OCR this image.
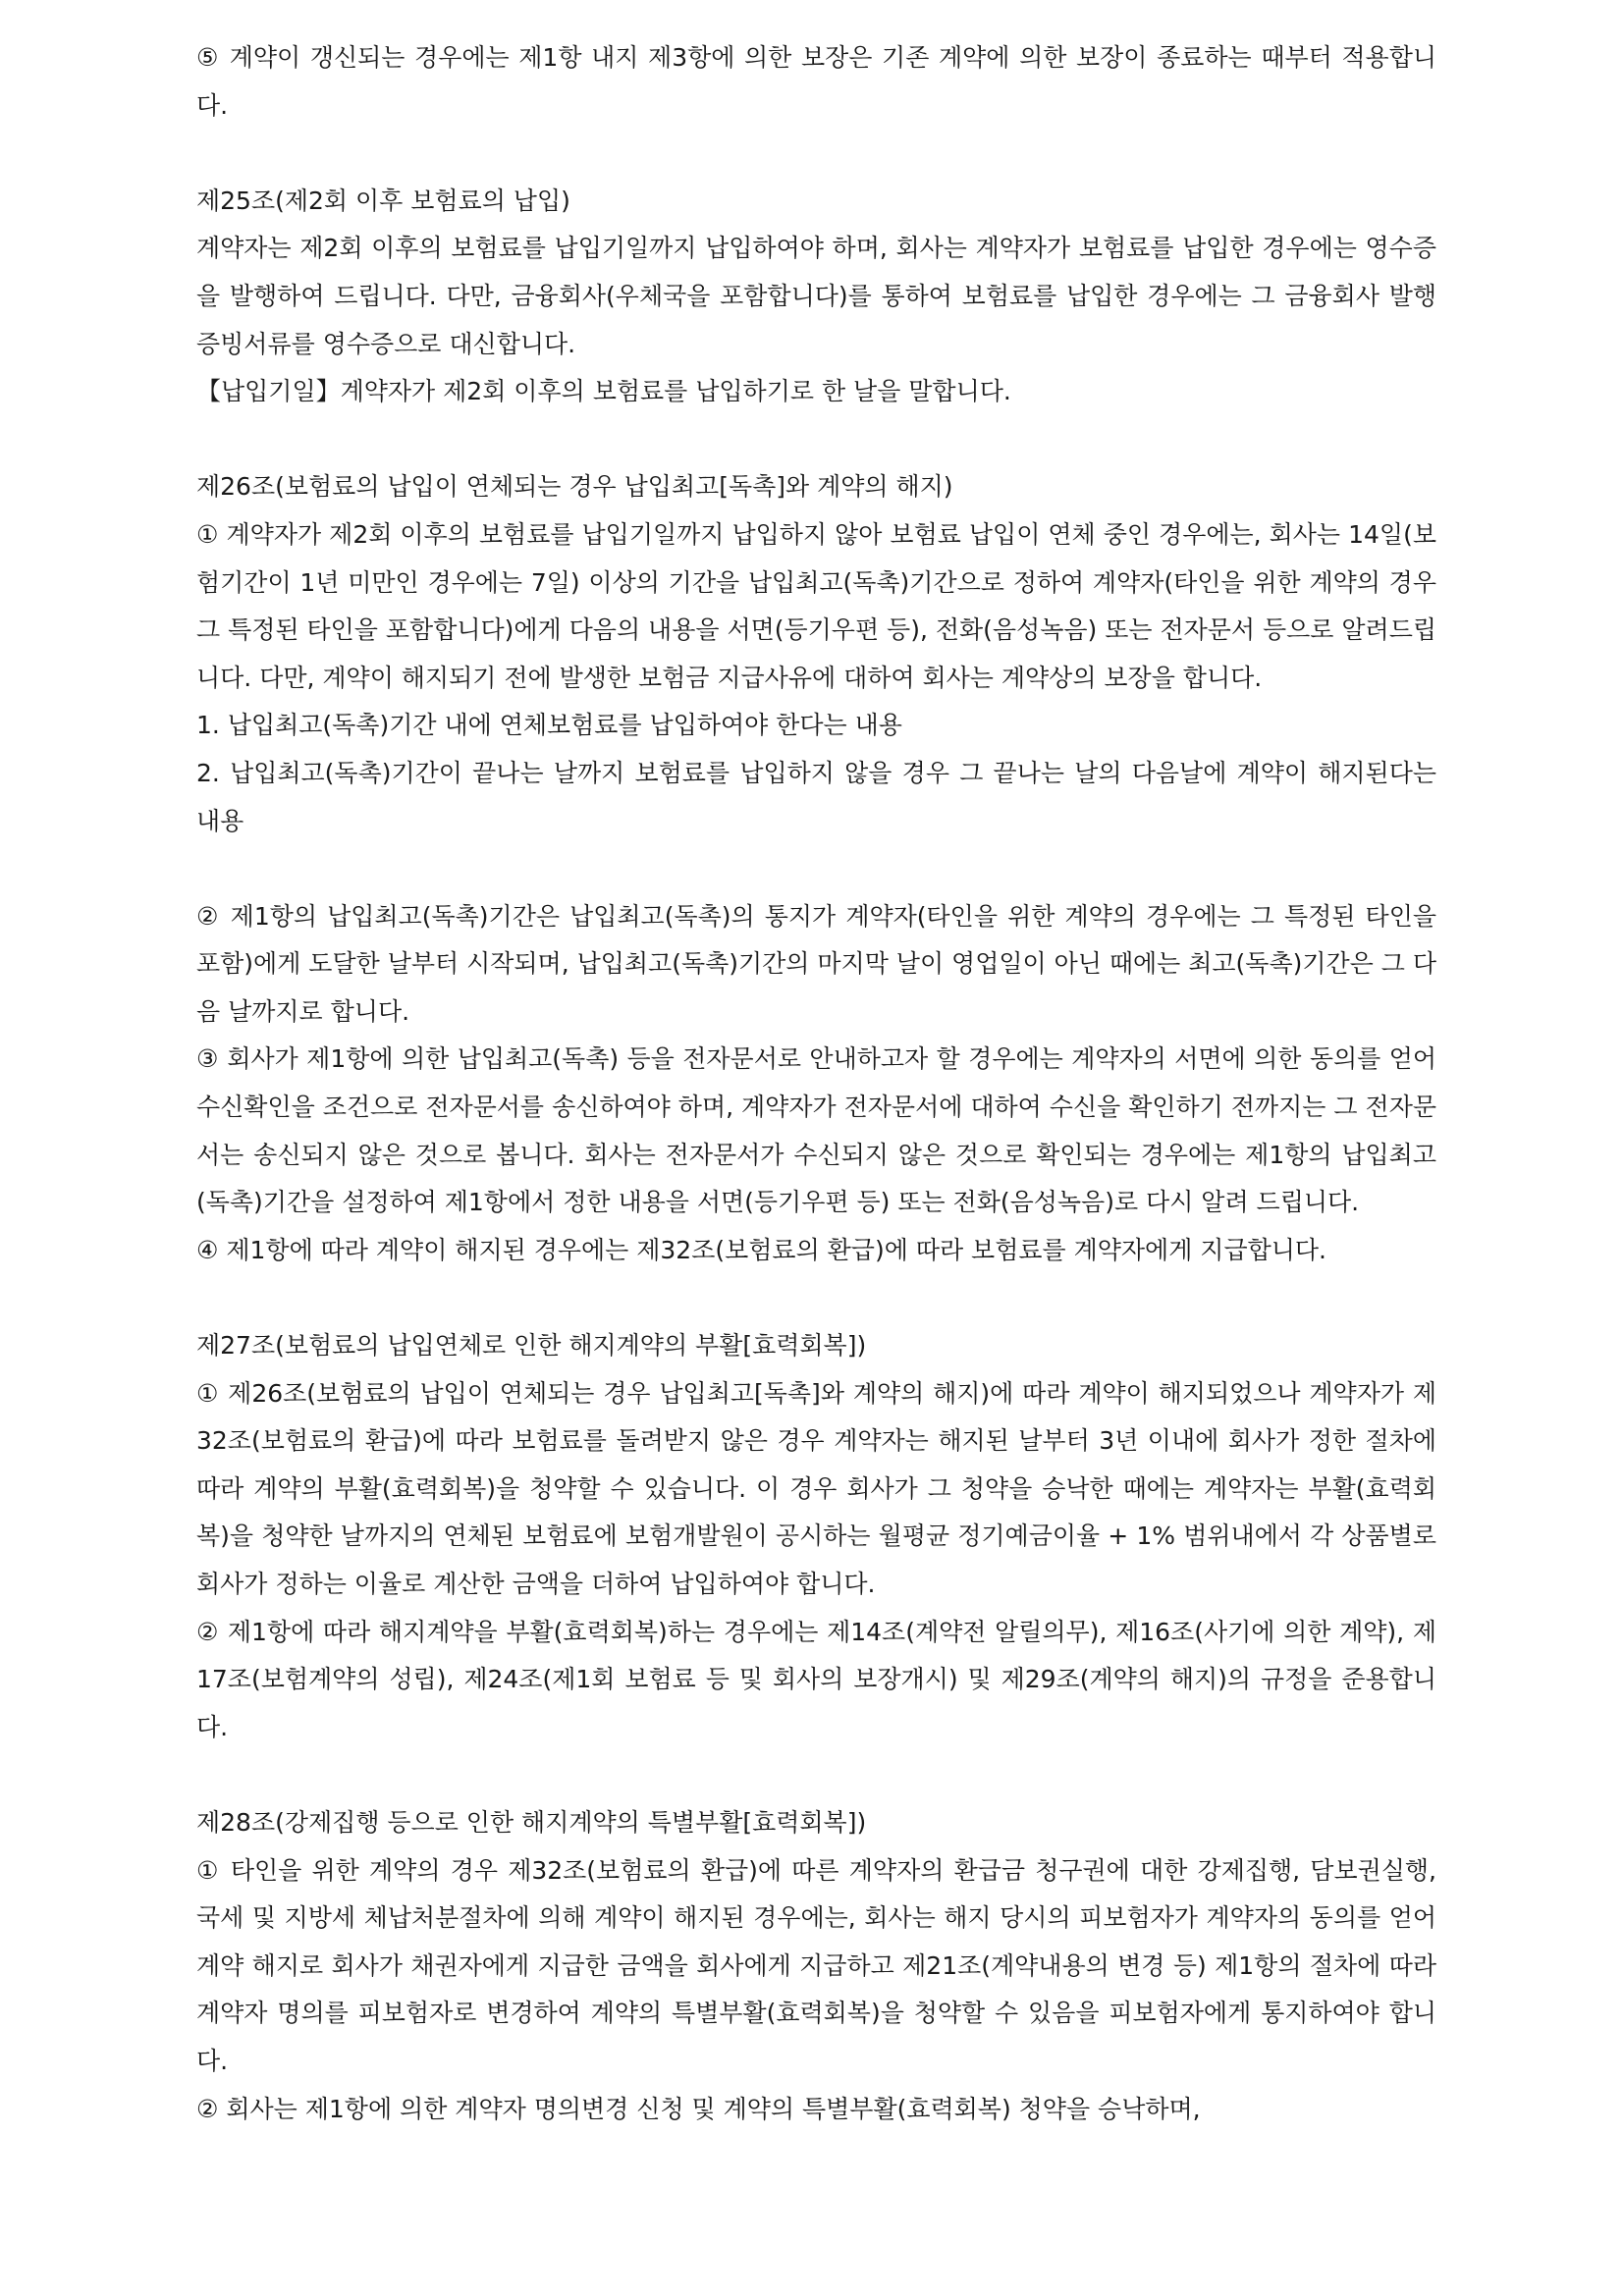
⑤ 계약이 갱신되는 경우에는 제1항 내지 제3항에 의한 보장은 기존 계약에 의한 보장이 종료하는 때부터 적용합니다.

제25조(제2회 이후 보험료의 납입)

계약자는 제2회 이후의 보험료를 납입기일까지 납입하여야 하며, 회사는 계약자가 보험료를 납입한 경우에는 영수증을 발행하여 드립니다. 다만, 금융회사(우체국을 포함합니다)를 통하여 보험료를 납입한 경우에는 그 금융회사 발행 증빙서류를 영수증으로 대신합니다.

【납입기일】계약자가 제2회 이후의 보험료를 납입하기로 한 날을 말합니다.

제26조(보험료의 납입이 연체되는 경우 납입최고[독촉]와 계약의 해지)

① 계약자가 제2회 이후의 보험료를 납입기일까지 납입하지 않아 보험료 납입이 연체 중인 경우에는, 회사는 14일(보험기간이 1년 미만인 경우에는 7일) 이상의 기간을 납입최고(독촉)기간으로 정하여 계약자(타인을 위한 계약의 경우 그 특정된 타인을 포함합니다)에게 다음의 내용을 서면(등기우편 등), 전화(음성녹음) 또는 전자문서 등으로 알려드립니다. 다만, 계약이 해지되기 전에 발생한 보험금 지급사유에 대하여 회사는 계약상의 보장을 합니다.

1. 납입최고(독촉)기간 내에 연체보험료를 납입하여야 한다는 내용

2. 납입최고(독촉)기간이 끝나는 날까지 보험료를 납입하지 않을 경우 그 끝나는 날의 다음날에 계약이 해지된다는 내용

② 제1항의 납입최고(독촉)기간은 납입최고(독촉)의 통지가 계약자(타인을 위한 계약의 경우에는 그 특정된 타인을 포함)에게 도달한 날부터 시작되며, 납입최고(독촉)기간의 마지막 날이 영업일이 아닌 때에는 최고(독촉)기간은 그 다음 날까지로 합니다.

③ 회사가 제1항에 의한 납입최고(독촉) 등을 전자문서로 안내하고자 할 경우에는 계약자의 서면에 의한 동의를 얻어 수신확인을 조건으로 전자문서를 송신하여야 하며, 계약자가 전자문서에 대하여 수신을 확인하기 전까지는 그 전자문서는 송신되지 않은 것으로 봅니다. 회사는 전자문서가 수신되지 않은 것으로 확인되는 경우에는 제1항의 납입최고(독촉)기간을 설정하여 제1항에서 정한 내용을 서면(등기우편 등) 또는 전화(음성녹음)로 다시 알려 드립니다.

④ 제1항에 따라 계약이 해지된 경우에는 제32조(보험료의 환급)에 따라 보험료를 계약자에게 지급합니다.

제27조(보험료의 납입연체로 인한 해지계약의 부활[효력회복])

① 제26조(보험료의 납입이 연체되는 경우 납입최고[독촉]와 계약의 해지)에 따라 계약이 해지되었으나 계약자가 제32조(보험료의 환급)에 따라 보험료를 돌려받지 않은 경우 계약자는 해지된 날부터 3년 이내에 회사가 정한 절차에 따라 계약의 부활(효력회복)을 청약할 수 있습니다. 이 경우 회사가 그 청약을 승낙한 때에는 계약자는 부활(효력회복)을 청약한 날까지의 연체된 보험료에 보험개발원이 공시하는 월평균 정기예금이율 + 1% 범위내에서 각 상품별로 회사가 정하는 이율로 계산한 금액을 더하여 납입하여야 합니다.

② 제1항에 따라 해지계약을 부활(효력회복)하는 경우에는 제14조(계약전 알릴의무), 제16조(사기에 의한 계약), 제17조(보험계약의 성립), 제24조(제1회 보험료 등 및 회사의 보장개시) 및 제29조(계약의 해지)의 규정을 준용합니다.

제28조(강제집행 등으로 인한 해지계약의 특별부활[효력회복])

① 타인을 위한 계약의 경우 제32조(보험료의 환급)에 따른 계약자의 환급금 청구권에 대한 강제집행, 담보권실행, 국세 및 지방세 체납처분절차에 의해 계약이 해지된 경우에는, 회사는 해지 당시의 피보험자가 계약자의 동의를 얻어 계약 해지로 회사가 채권자에게 지급한 금액을 회사에게 지급하고 제21조(계약내용의 변경 등) 제1항의 절차에 따라 계약자 명의를 피보험자로 변경하여 계약의 특별부활(효력회복)을 청약할 수 있음을 피보험자에게 통지하여야 합니다.

② 회사는 제1항에 의한 계약자 명의변경 신청 및 계약의 특별부활(효력회복) 청약을 승낙하며,
